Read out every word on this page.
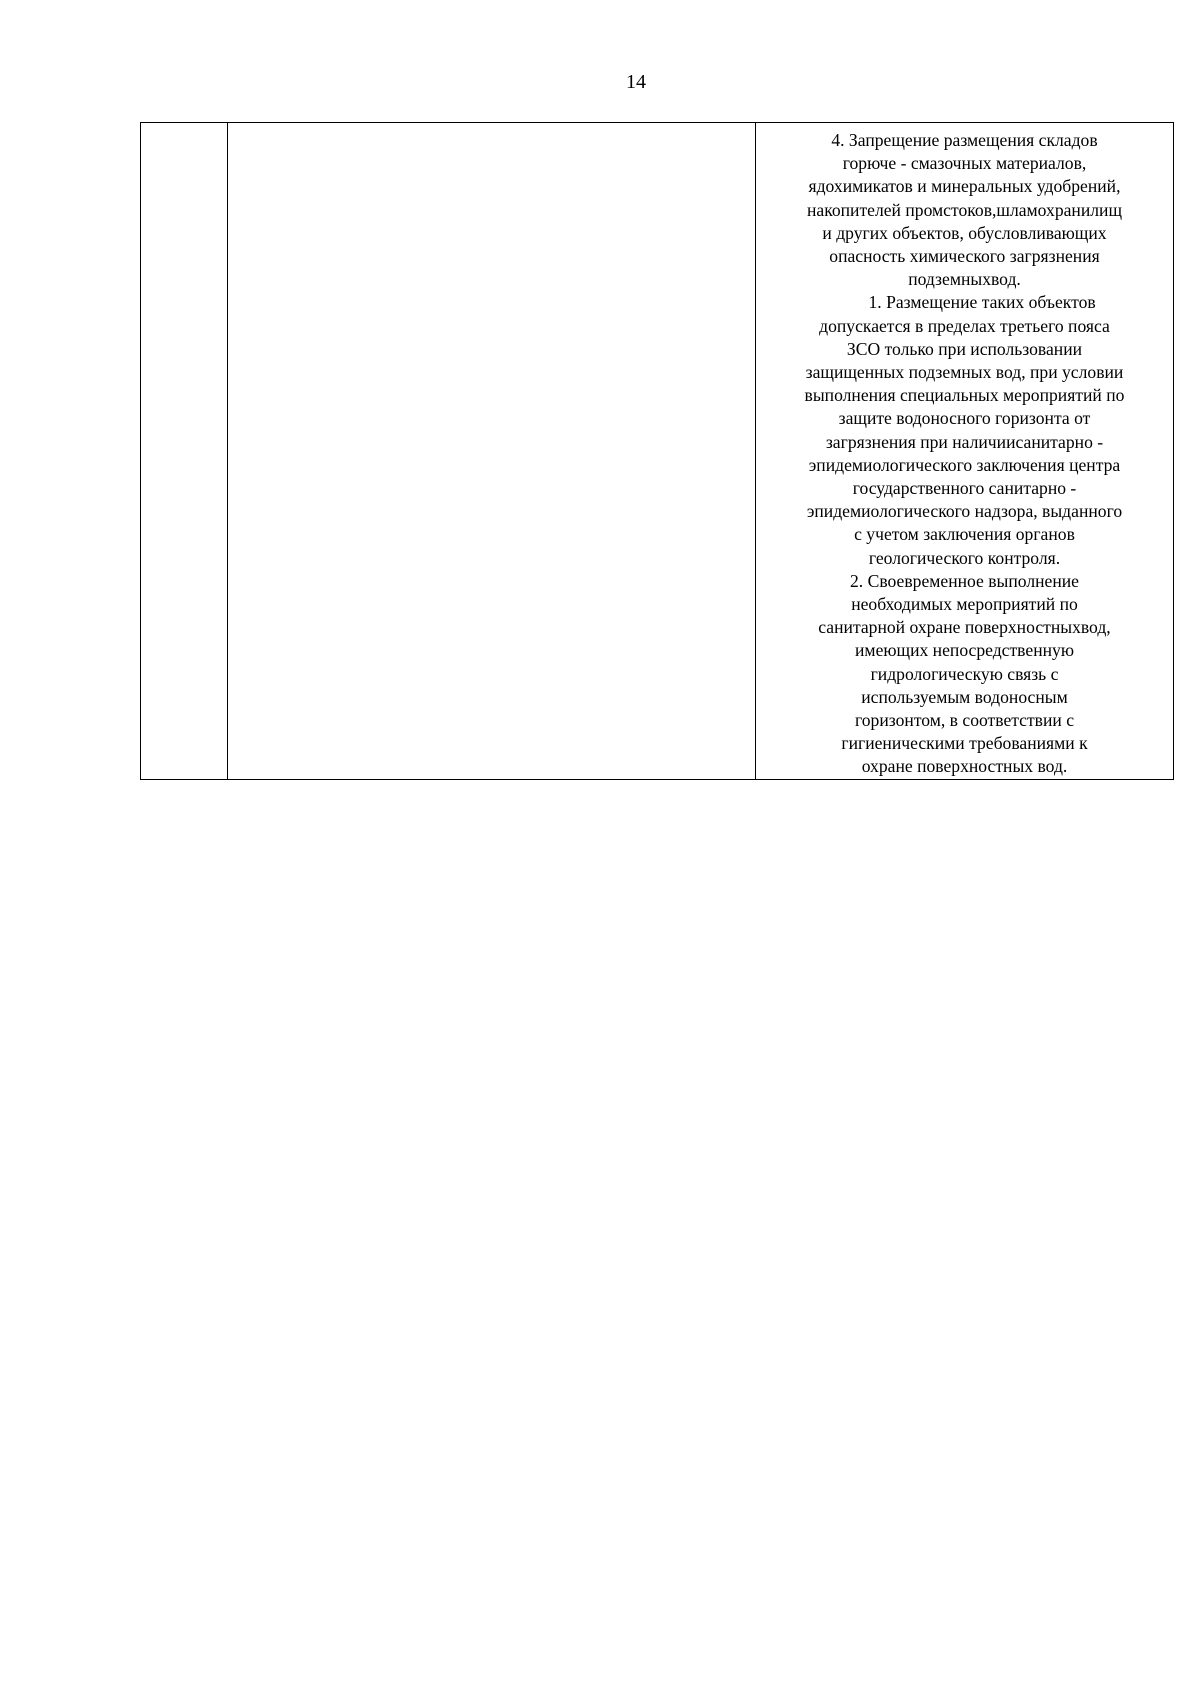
14

4. Запрещение размещения складов
горюче - смазочных материалов,
ядохимикатов и минеральных удобрений,
накопителей промстоков,шламохранилищ
и других объектов, обусловливающих
опасность химического загрязнения
подземныхвод.
1. Размещение таких объектов
допускается в пределах третьего пояса
ЗСО только при использовании
защищенных подземных вод, при условии
выполнения специальных мероприятий по
защите водоносного горизонта от
загрязнения при наличиисанитарно -
эпидемиологического заключения центра
государственного санитарно -
эпидемиологического надзора, выданного
с учетом заключения органов
геологического контроля.
2. Своевременное выполнение
необходимых мероприятий по
санитарной охране поверхностныхвод,
имеющих непосредственную
гидрологическую связь с
используемым водоносным
горизонтом, в соответствии с
гигиеническими требованиями к
охране поверхностных вод.
